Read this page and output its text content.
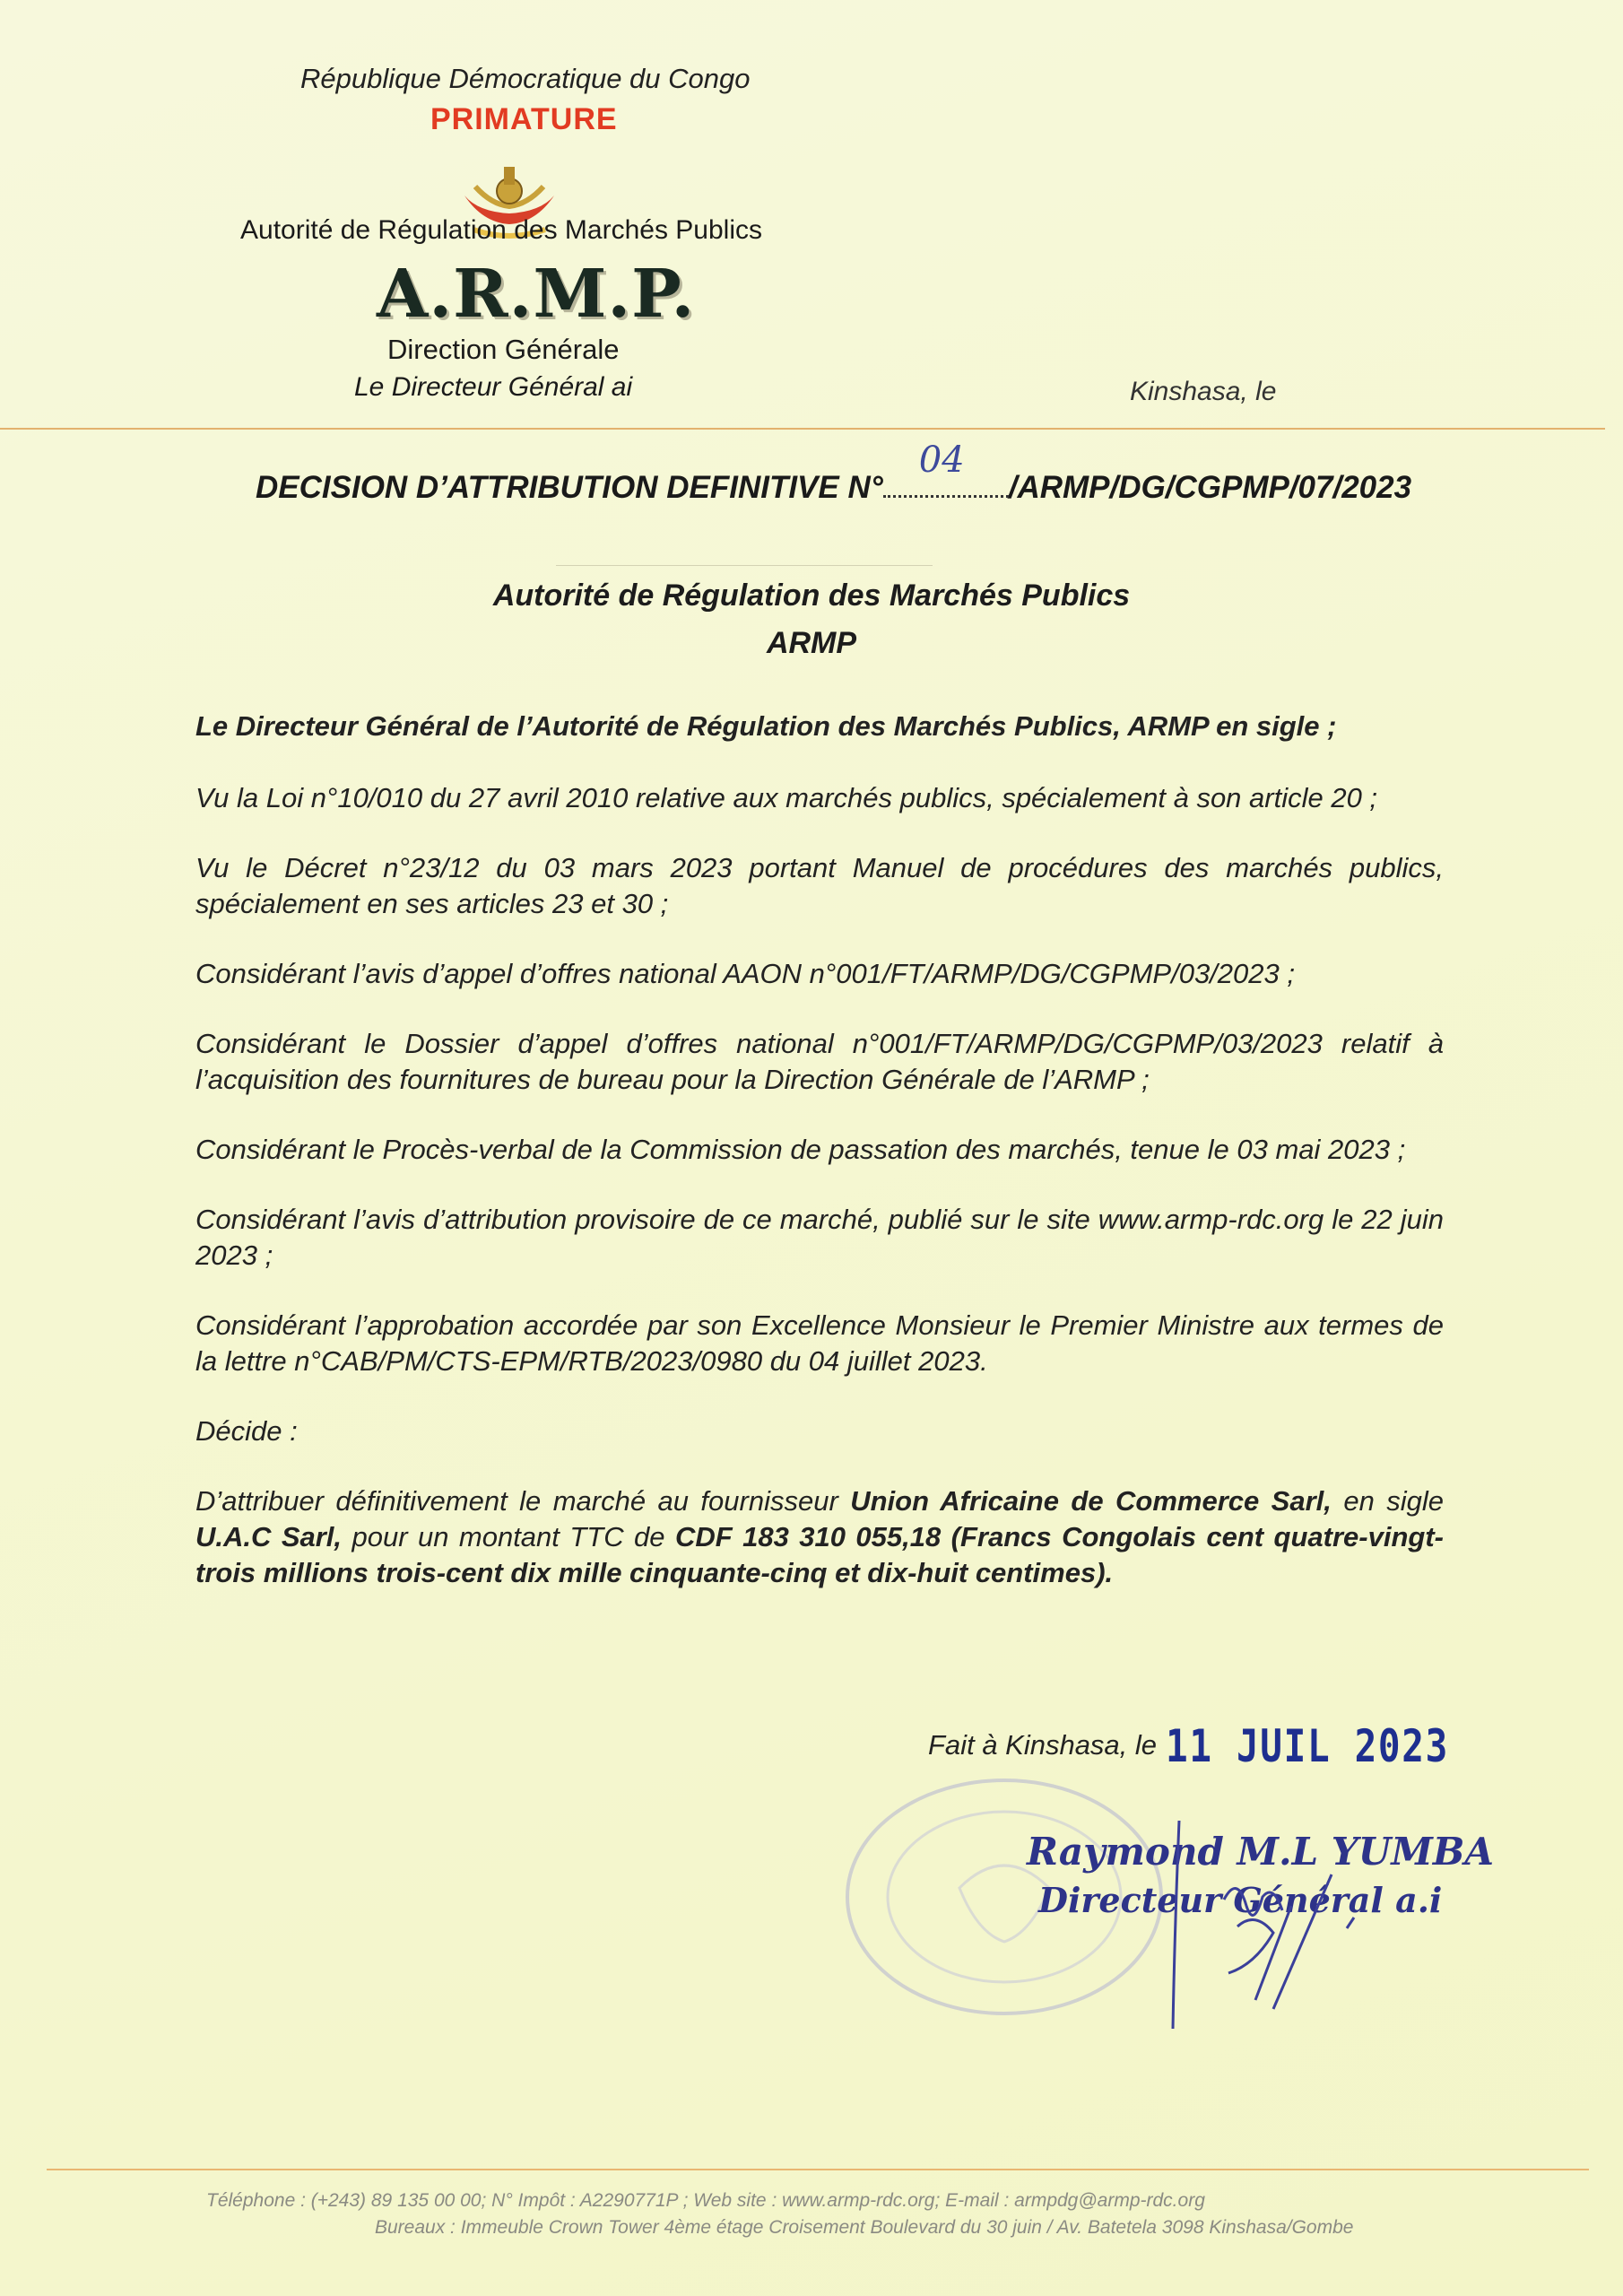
République Démocratique du Congo
PRIMATURE
Autorité de Régulation des Marchés Publics
A.R.M.P.
Direction Générale
Le Directeur Général ai	Kinshasa, le
DECISION D’ATTRIBUTION DEFINITIVE N°
04
/ARMP/DG/CGPMP/07/2023
Autorité de Régulation des Marchés Publics
ARMP

Le Directeur Général de l’Autorité de Régulation des Marchés Publics, ARMP en sigle ;

Vu la Loi n°10/010 du 27 avril 2010 relative aux marchés publics, spécialement à son article 20 ;

Vu le Décret n°23/12 du 03 mars 2023 portant Manuel de procédures des marchés publics, spécialement en ses articles 23 et 30 ;

Considérant l’avis d’appel d’offres national AAON n°001/FT/ARMP/DG/CGPMP/03/2023 ;

Considérant le Dossier d’appel d’offres national n°001/FT/ARMP/DG/CGPMP/03/2023 relatif à l’acquisition des fournitures de bureau pour la Direction Générale de l’ARMP ;

Considérant le Procès-verbal de la Commission de passation des marchés, tenue le 03 mai 2023 ;

Considérant l’avis d’attribution provisoire de ce marché, publié sur le site www.armp-rdc.org le 22 juin 2023 ;

Considérant l’approbation accordée par son Excellence Monsieur le Premier Ministre aux termes de la lettre n°CAB/PM/CTS-EPM/RTB/2023/0980 du 04 juillet 2023.

Décide :

D’attribuer définitivement le marché au fournisseur Union Africaine de Commerce Sarl, en sigle U.A.C Sarl, pour un montant TTC de CDF 183 310 055,18 (Francs Congolais cent quatre-vingt-trois millions trois-cent dix mille cinquante-cinq et dix-huit centimes).

Fait à Kinshasa, le 11 JUIL 2023
Raymond M.L YUMBA
Directeur Général a.i
Téléphone : (+243) 89 135 00 00; N° Impôt : A2290771P ; Web site : www.armp-rdc.org; E-mail : armpdg@armp-rdc.org
Bureaux : Immeuble Crown Tower 4ème étage Croisement Boulevard du 30 juin / Av. Batetela 3098 Kinshasa/Gombe
